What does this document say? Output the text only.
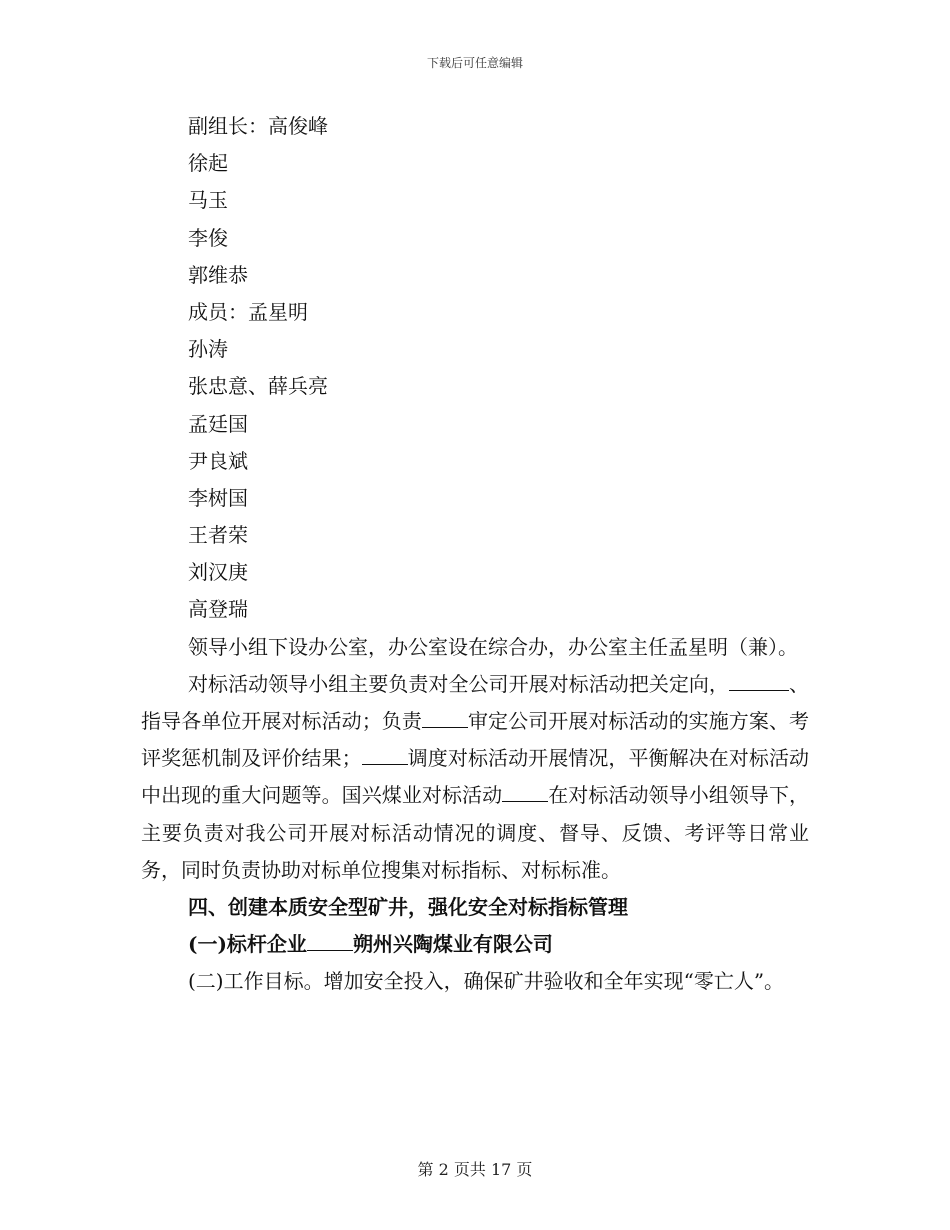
下载后可任意编辑
副组长：高俊峰
徐起
马玉
李俊
郭维恭
成员：孟星明
孙涛
张忠意、薛兵亮
孟廷国
尹良斌
李树国
王者荣
刘汉庚
高登瑞
领导小组下设办公室，办公室设在综合办，办公室主任孟星明（兼）。
对标活动领导小组主要负责对全公司开展对标活动把关定向，	、指导各单位开展对标活动；负责 审定公司开展对标活动的实施方案、考评奖惩机制及评价结果； 调度对标活动开展情况，平衡解决在对标活动中出现的重大问题等。国兴煤业对标活动 在对标活动领导小组领导下，主要负责对我公司开展对标活动情况的调度、督导、反馈、考评等日常业务，同时负责协助对标单位搜集对标指标、对标标准。
四、创建本质安全型矿井，强化安全对标指标管理
(一)标杆企业 朔州兴陶煤业有限公司
(二)工作目标。增加安全投入，确保矿井验收和全年实现“零亡人”。
第 2 页共 17 页
